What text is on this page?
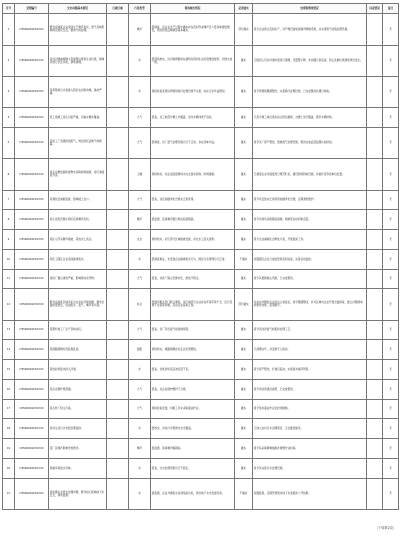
序号	受理编号	交办问题基本情况	行政区域	污染类型	调查核实情况	是否属实	处理和整改情况	问责情况	备注
1	D35000042XXXXX	群众反映某企业夜间生产噪声扰民，废气异味影响周边居民生活，要求尽快处理。		噪声	经调查，该企业生产过程中确实存在夜间作业噪声及少量异味排放情况，周边居民反映情况基本属实。	部分属实	责令企业停止夜间生产，对产噪设备加装隔声降噪设施，并完善废气收集处理设施。		无
2	D35000042XXXXX	某村河道被倾倒大量建筑垃圾和生活垃圾，影响河道行洪及水质，请求清理。		水	经现场核实，该河道两侧存在建筑垃圾和生活垃圾堆放现象，河道水质一般。	属实	已组织人员对河道垃圾进行清理，设置警示牌，并加强日常巡查，防止乱倒垃圾现象再次发生。		无
3	D35000042XXXXX	某养殖场污水直排入附近农田和沟渠，臭味严重。		水	现场检查发现该养殖场粪污处理设施不完善，存在污水外溢情况。	属实	责令养殖场限期整改，完善粪污处理设施，已完成整改并通过验收。		无
4	D35000042XXXXX	某工地施工扬尘污染严重，运输车辆未覆盖。		大气	经查，该工地部分裸土未覆盖，进出车辆冲洗不到位。	属实	已责令施工单位落实扬尘防治措施，对裸土进行覆盖，规范车辆冲洗。		无
5	D35000042XXXXX	某加工厂违规排放废气，周边居民反映气味刺鼻。		大气	经调查，该厂废气处理设施运行不正常，存在异味外溢。	属实	责令该厂停产整改，更换废气处理设施，整改完成后经监测达标排放。		无
6	D35000042XXXXX	某企业堆放固体废物未采取防渗措施，雨天渗滤液外流。		土壤	现场核实，该企业固废堆场未完全落实防渗、防雨措施。	属实	已督促企业对固废进行规范贮存，建设防渗防雨设施，并委托有资质单位处置。		无
7	D35000042XXXXX	某餐饮店油烟直排，影响楼上住户。		大气	经查，该店油烟净化设施未正常使用。	属实	责令其安装并正常使用油烟净化设施，定期清洗维护。		无
8	D35000042XXXXX	某小区附近娱乐场所夜间噪声扰民。		噪声	经监测，夜间噪声超过相关标准限值。	属实	责令该场所采取隔音措施，控制营业时间和音量。		无
9	D35000042XXXXX	某矿山开采破坏植被，造成水土流失。		生态	现场核实，矿区部分区域植被受损，存在水土流失现象。	属实	责令企业编制生态修复方案，开展复绿工作。		无
10	D35000042XXXXX	某化工园区企业夜间偷排废水。		水	经调查取证，未发现企业偷排废水行为，园区污水管网运行正常。	不属实	加强园区企业日常监管和夜间巡查，完善在线监控。		无
11	D35000042XXXXX	某砖厂烟尘排放严重，影响周边农作物。		大气	经查，该砖厂除尘设施老化，排放不稳定。	属实	责令其更新除尘设施，已完成整改。		无
12	D35000042XXXXX	群众反映某区域多家企业存在环境问题，要求全面排查整治，包括废水、废气、噪声等方面。		综合	经组织相关部门联合调查，该区域部分企业存在环保手续不全、治污设施不完善等问题，其余企业基本正常。	部分属实	对存在问题的企业依法立案查处，责令限期整改，并对区域内企业开展全面排查，建立问题清单和整改台账，逐项销号。		无
13	D35000042XXXXX	某塑料加工厂生产异味扰民。		大气	经查，该厂有机废气收集效率低。	属实	责令其改进废气收集和处理工艺。		无
14	D35000042XXXXX	某道路两侧垃圾乱堆乱放。		固废	现场核实，道路两侧存在生活垃圾堆放。	属实	已清理完毕，并安排专人保洁。		无
15	D35000042XXXXX	某洗砂场废水排入河道。		水	经查，该洗砂场沉淀池容量不足。	属实	责令停产整改，扩建沉淀池，实现废水循环利用。		无
16	D35000042XXXXX	某企业锅炉冒黑烟。		大气	经查，该企业锅炉燃料不合规。	属实	责令其改用清洁能源，已完成整改。		无
17	D35000042XXXXX	某石材厂粉尘污染。		大气	现场检查发现，切割工序未采取湿法作业。	属实	责令落实湿法作业及封闭措施。		无
18	D35000042XXXXX	某村生活污水未经处理直排。		水	经核实，该村污水管网未完全覆盖。	属实	已纳入农村污水治理项目，正在推进建设。		无
19	D35000042XXXXX	某厂区噪声影响学校教学。		噪声	经监测，昼间噪声略超标。	属实	责令其采取降噪措施并调整作业时间。		无
20	D35000042XXXXX	某屠宰场废水异味。		水	经查，污水处理设施运行不稳定。	属实	责令其完善污水处理设施。		无
21	D35000042XXXXX	某电镀企业废水处理问题，群众担心影响地下水安全，请求监测。		水	经监测，企业外排废水各项指标达标，周边地下水未发现异常。	不属实	加强监管，定期开展周边地下水监测并公开结果。		无
（下转第2页）
